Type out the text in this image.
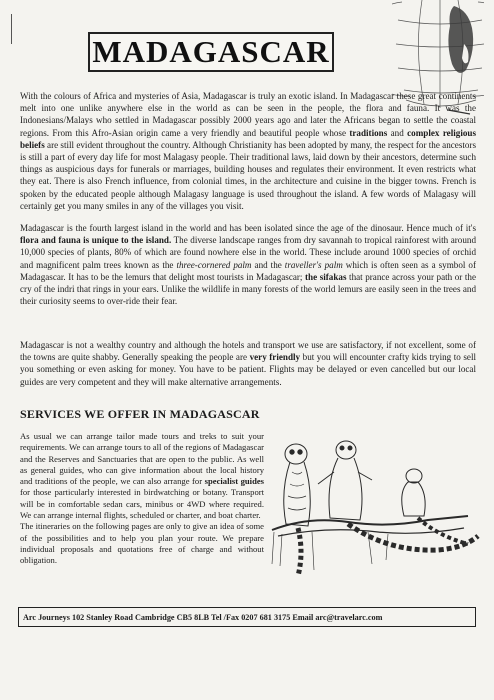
MADAGASCAR

With the colours of Africa and mysteries of Asia, Madagascar is truly an exotic island. In Madagascar these great continents melt into one unlike anywhere else in the world as can be seen in the people, the flora and fauna. It was the Indonesians/Malays who settled in Madagascar possibly 2000 years ago and later the Africans began to settle the coastal regions. From this Afro-Asian origin came a very friendly and beautiful people whose traditions and complex religious beliefs are still evident throughout the country. Although Christianity has been adopted by many, the respect for the ancestors is still a part of every day life for most Malagasy people. Their traditional laws, laid down by their ancestors, determine such things as auspicious days for funerals or marriages, building houses and regulates their environment. It even restricts what they eat. There is also French influence, from colonial times, in the architecture and cuisine in the bigger towns. French is spoken by the educated people although Malagasy language is used throughout the island. A few words of Malagasy will certainly get you many smiles in any of the villages you visit.

Madagascar is the fourth largest island in the world and has been isolated since the age of the dinosaur. Hence much of it's flora and fauna is unique to the island. The diverse landscape ranges from dry savannah to tropical rainforest with around 10,000 species of plants, 80% of which are found nowhere else in the world. These include around 1000 species of orchid and magnificent palm trees known as the three-cornered palm and the traveller's palm which is often seen as a symbol of Madagascar. It has to be the lemurs that delight most tourists in Madagascar; the sifakas that prance across your path or the cry of the indri that rings in your ears. Unlike the wildlife in many forests of the world lemurs are easily seen in the trees and their curiosity seems to over-ride their fear.

Madagascar is not a wealthy country and although the hotels and transport we use are satisfactory, if not excellent, some of the towns are quite shabby. Generally speaking the people are very friendly but you will encounter crafty kids trying to sell you something or even asking for money. You have to be patient. Flights may be delayed or even cancelled but our local guides are very competent and they will make alternative arrangements.

SERVICES WE OFFER IN MADAGASCAR

As usual we can arrange tailor made tours and treks to suit your requirements. We can arrange tours to all of the regions of Madagascar and the Reserves and Sanctuaries that are open to the public. As well as general guides, who can give information about the local history and traditions of the people, we can also arrange for specialist guides for those particularly interested in birdwatching or botany. Transport will be in comfortable sedan cars, minibus or 4WD where required. We can arrange internal flights, scheduled or charter, and boat charter.
The itineraries on the following pages are only to give an idea of some of the possibilities and to help you plan your route. We prepare individual proposals and quotations free of charge and without obligation.

Arc Journeys 102 Stanley Road Cambridge CB5 8LB Tel /Fax 0207 681 3175 Email arc@travelarc.com
